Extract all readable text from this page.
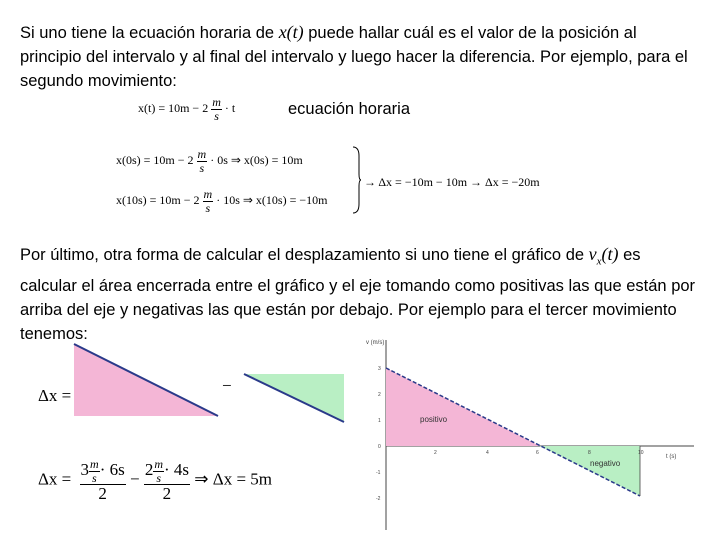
Si uno tiene la ecuación horaria de x(t) puede hallar cuál es el valor de la posición al principio del intervalo y al final del intervalo y luego hacer la diferencia. Por ejemplo, para el segundo movimiento:

$x(t) = 10m - 2 \frac{m}{s} \cdot t$	ecuación horaria
$x(0s) = 10m - 2 \frac{m}{s} \cdot 0s$ ⇒ x(0s) = 10m
$x(10s) = 10m - 2 \frac{m}{s} \cdot 10s$ ⇒ x(10s) = −10m
→ Δx = −10m − 10m → Δx = −20m

Por último, otra forma de calcular el desplazamiento si uno tiene el gráfico de $v_x(t)$ es calcular el área encerrada entre el gráfico y el eje tomando como positivas las que están por arriba del eje y negativas las que están por debajo. Por ejemplo para el tercer movimiento tenemos:

Δx =
−
$\Delta x = \frac{3 \frac{m}{s} \cdot 6s}{2} - \frac{2 \frac{m}{s} \cdot 4s}{2}$ ⇒ Δx = 5m
v (m/s)
t (s)
3
2
1
0
-1
-2
2	4	6	8	10
positivo
negativo
